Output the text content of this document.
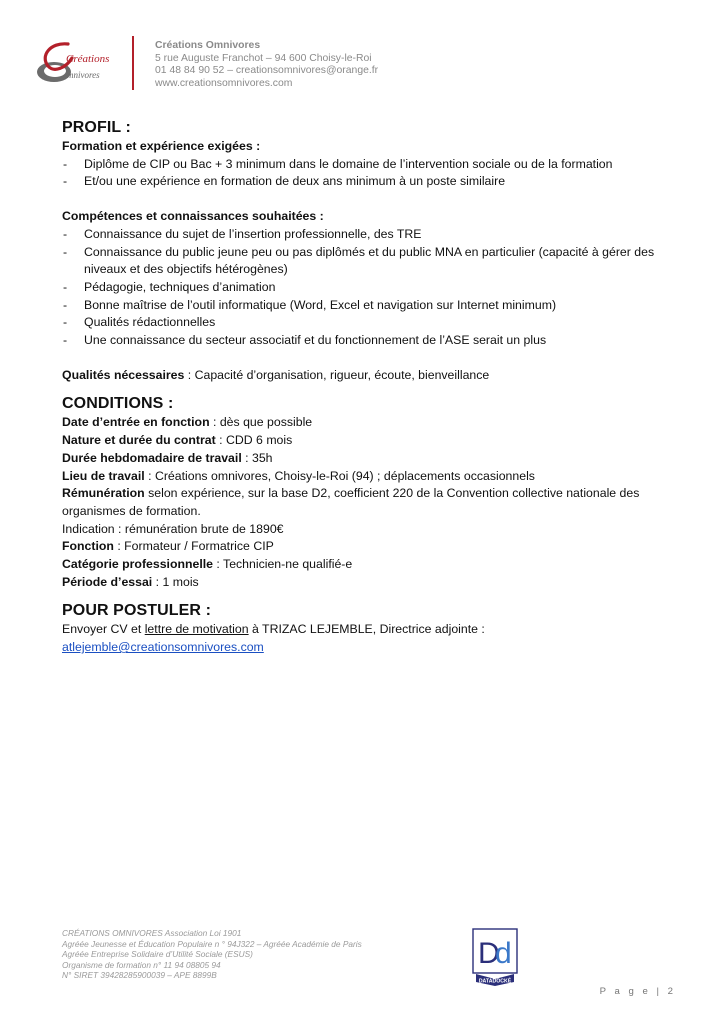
Créations
mnivores
Créations Omnivores
5 rue Auguste Franchot – 94 600 Choisy-le-Roi
01 48 84 90 52 – creationsomnivores@orange.fr
www.creationsomnivores.com
PROFIL :
Formation et expérience exigées :
- Diplôme de CIP ou Bac + 3 minimum dans le domaine de l’intervention sociale ou de la formation
- Et/ou une expérience en formation de deux ans minimum à un poste similaire
Compétences et connaissances souhaitées :
- Connaissance du sujet de l’insertion professionnelle, des TRE
- Connaissance du public jeune peu ou pas diplômés et du public MNA en particulier (capacité à gérer des niveaux et des objectifs hétérogènes)
- Pédagogie, techniques d’animation
- Bonne maîtrise de l’outil informatique (Word, Excel et navigation sur Internet minimum)
- Qualités rédactionnelles
- Une connaissance du secteur associatif et du fonctionnement de l’ASE serait un plus
Qualités nécessaires : Capacité d’organisation, rigueur, écoute, bienveillance
CONDITIONS :
Date d’entrée en fonction : dès que possible
Nature et durée du contrat : CDD 6 mois
Durée hebdomadaire de travail : 35h
Lieu de travail : Créations omnivores, Choisy-le-Roi (94) ; déplacements occasionnels
Rémunération selon expérience, sur la base D2, coefficient 220 de la Convention collective nationale des organismes de formation.
Indication : rémunération brute de 1890€
Fonction : Formateur / Formatrice CIP
Catégorie professionnelle : Technicien-ne qualifié-e
Période d’essai : 1 mois
POUR POSTULER :
Envoyer CV et lettre de motivation à TRIZAC LEJEMBLE, Directrice adjointe :
atlejemble@creationsomnivores.com
CRÉATIONS OMNIVORES Association Loi 1901
Agréée Jeunesse et Éducation Populaire n ° 94J322 – Agréée Académie de Paris
Agréée Entreprise Solidaire d’Utilité Sociale (ESUS)
Organisme de formation n° 11 94 08805 94
N° SIRET 39428285900039 – APE 8899B
D
d
DATADOCKÉ
P a g e | 2
